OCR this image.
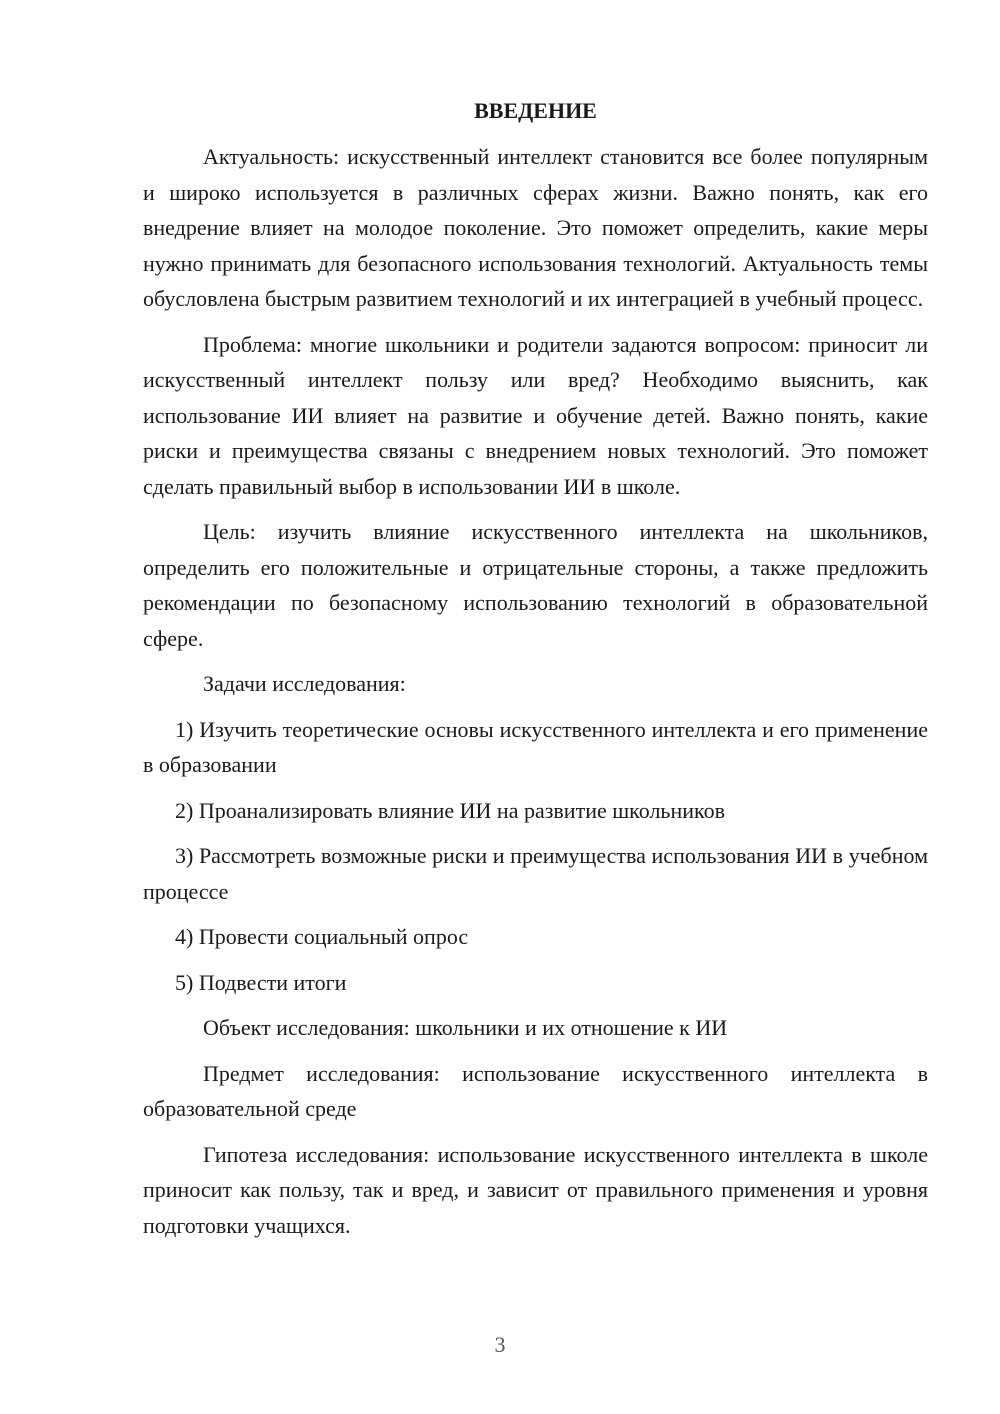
ВВЕДЕНИЕ

Актуальность: искусственный интеллект становится все более популярным и широко используется в различных сферах жизни. Важно понять, как его внедрение влияет на молодое поколение. Это поможет определить, какие меры нужно принимать для безопасного использования технологий. Актуальность темы обусловлена быстрым развитием технологий и их интеграцией в учебный процесс.

Проблема: многие школьники и родители задаются вопросом: приносит ли искусственный интеллект пользу или вред? Необходимо выяснить, как использование ИИ влияет на развитие и обучение детей. Важно понять, какие риски и преимущества связаны с внедрением новых технологий. Это поможет сделать правильный выбор в использовании ИИ в школе.

Цель: изучить влияние искусственного интеллекта на школьников, определить его положительные и отрицательные стороны, а также предложить рекомендации по безопасному использованию технологий в образовательной сфере.

Задачи исследования:

1) Изучить теоретические основы искусственного интеллекта и его применение в образовании

2) Проанализировать влияние ИИ на развитие школьников

3) Рассмотреть возможные риски и преимущества использования ИИ в учебном процессе

4) Провести социальный опрос

5) Подвести итоги

Объект исследования: школьники и их отношение к ИИ

Предмет исследования: использование искусственного интеллекта в образовательной среде

Гипотеза исследования: использование искусственного интеллекта в школе приносит как пользу, так и вред, и зависит от правильного применения и уровня подготовки учащихся.

3
